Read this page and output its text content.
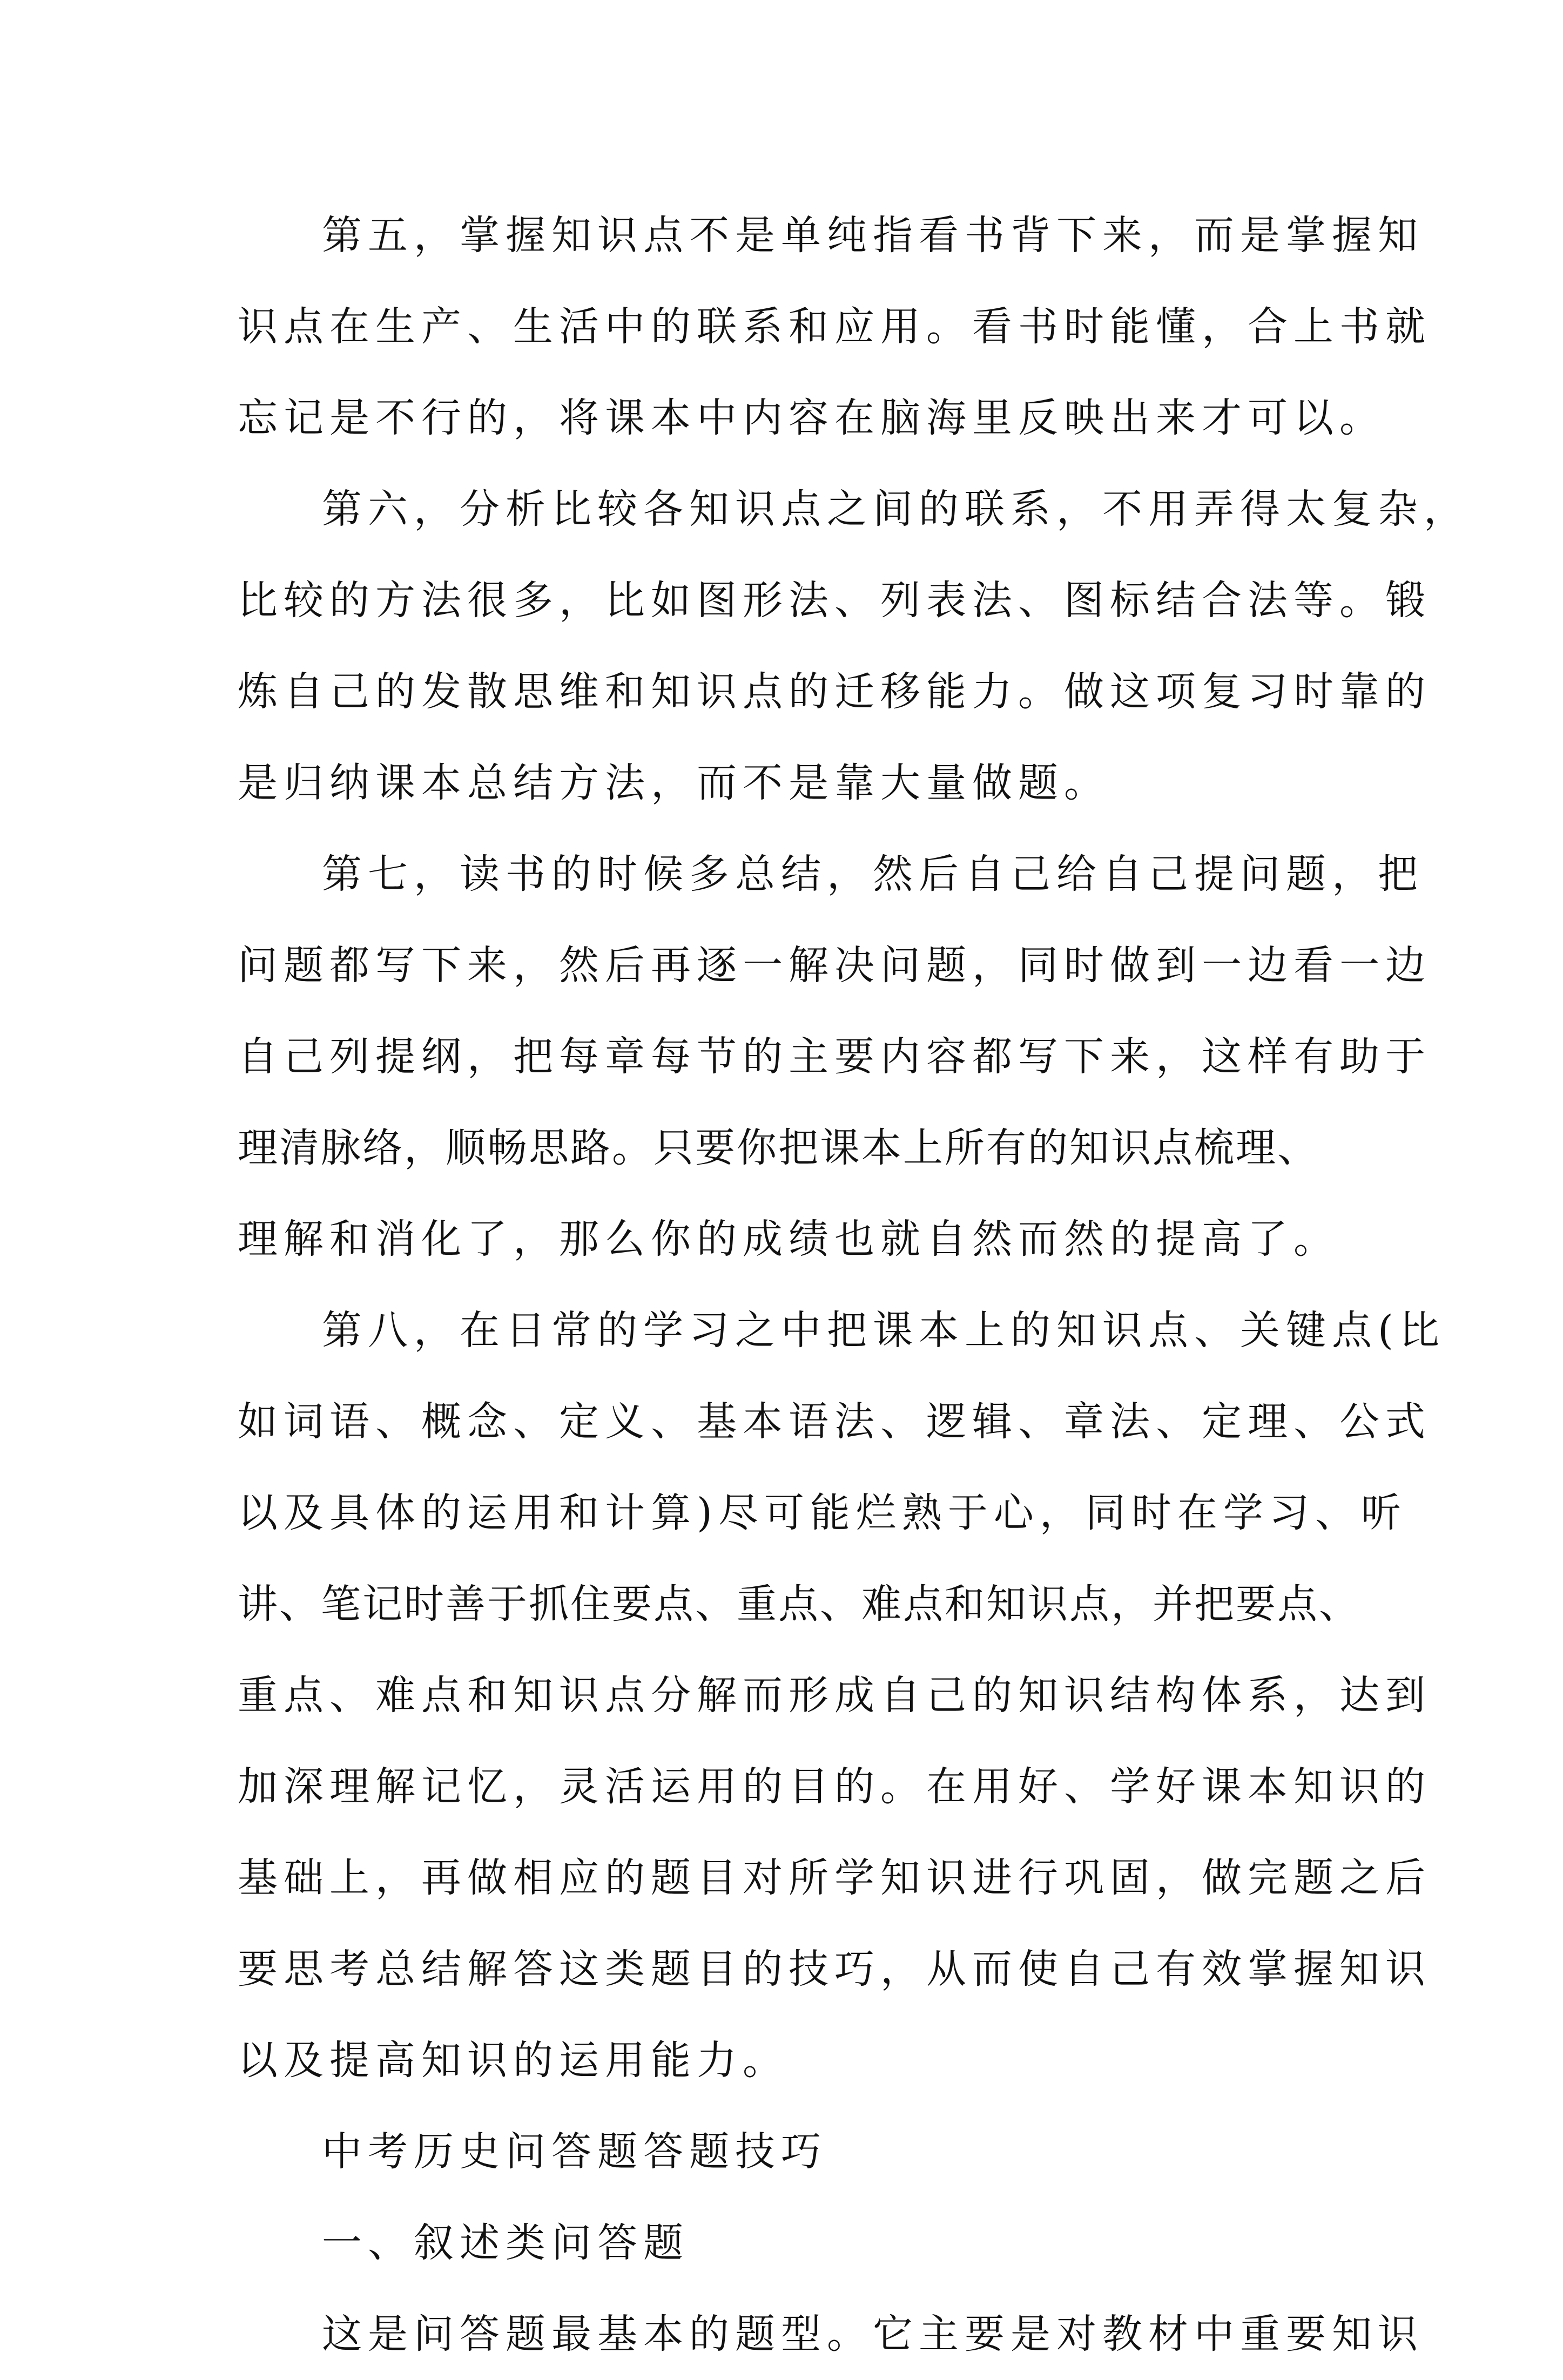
第五，掌握知识点不是单纯指看书背下来，而是掌握知
识点在生产、生活中的联系和应用。看书时能懂，合上书就
忘记是不行的，将课本中内容在脑海里反映出来才可以。
第六，分析比较各知识点之间的联系，不用弄得太复杂，
比较的方法很多，比如图形法、列表法、图标结合法等。锻
炼自己的发散思维和知识点的迁移能力。做这项复习时靠的
是归纳课本总结方法，而不是靠大量做题。
第七，读书的时候多总结，然后自己给自己提问题，把
问题都写下来，然后再逐一解决问题，同时做到一边看一边
自己列提纲，把每章每节的主要内容都写下来，这样有助于
理清脉络，顺畅思路。只要你把课本上所有的知识点梳理、
理解和消化了，那么你的成绩也就自然而然的提高了。
第八，在日常的学习之中把课本上的知识点、关键点(比
如词语、概念、定义、基本语法、逻辑、章法、定理、公式
以及具体的运用和计算)尽可能烂熟于心，同时在学习、听
讲、笔记时善于抓住要点、重点、难点和知识点，并把要点、
重点、难点和知识点分解而形成自己的知识结构体系，达到
加深理解记忆，灵活运用的目的。在用好、学好课本知识的
基础上，再做相应的题目对所学知识进行巩固，做完题之后
要思考总结解答这类题目的技巧，从而使自己有效掌握知识
以及提高知识的运用能力。
中考历史问答题答题技巧
一、叙述类问答题
这是问答题最基本的题型。它主要是对教材中重要知识
